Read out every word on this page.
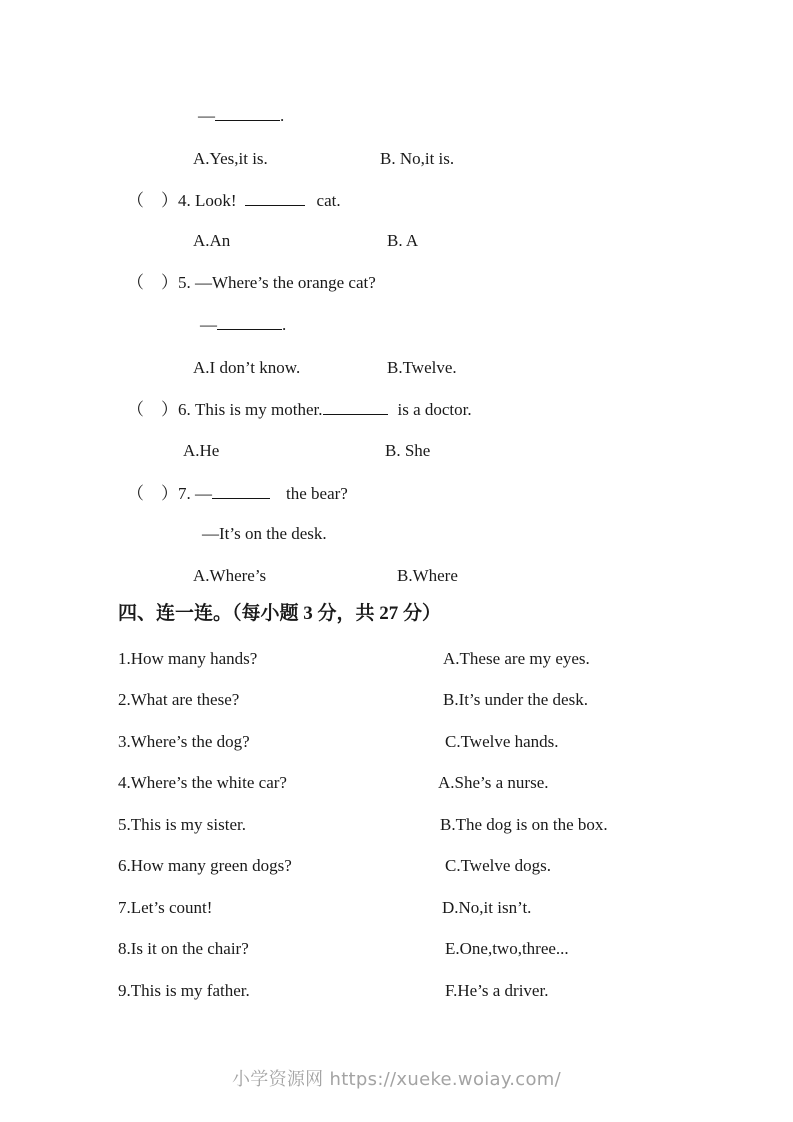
—	.
A.Yes,it is.	B. No,it is.
（　）4. Look!	cat.
A.An	B. A
（　）5. —Where’s the orange cat?
—	.
A.I don’t know.	B.Twelve.
（　）6. This is my mother.	is a doctor.
A.He	B. She
（　）7. —	the bear?
—It’s on the desk.
A.Where’s	B.Where
四、连一连。（每小题 3 分，共 27 分）
1.How many hands?	A.These are my eyes.
2.What are these?	B.It’s under the desk.
3.Where’s the dog?	C.Twelve hands.
4.Where’s the white car?	A.She’s a nurse.
5.This is my sister.	B.The dog is on the box.
6.How many green dogs?	C.Twelve dogs.
7.Let’s count!	D.No,it isn’t.
8.Is it on the chair?	E.One,two,three...
9.This is my father.	F.He’s a driver.
小学资源网 https://xueke.woiay.com/
